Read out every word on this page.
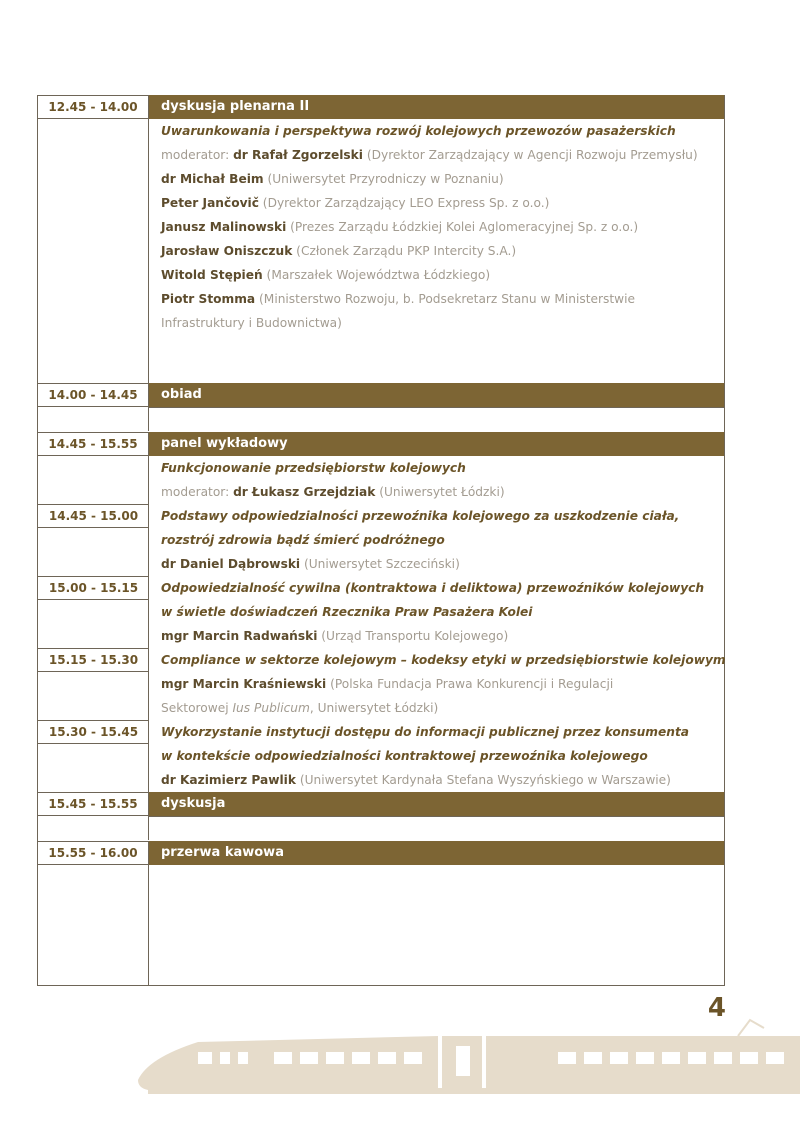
12.45 - 14.00	dyskusja plenarna II
Uwarunkowania i perspektywa rozwój kolejowych przewozów pasażerskich
moderator: dr Rafał Zgorzelski (Dyrektor Zarządzający w Agencji Rozwoju Przemysłu)
dr Michał Beim (Uniwersytet Przyrodniczy w Poznaniu)
Peter Jančovič (Dyrektor Zarządzający LEO Express Sp. z o.o.)
Janusz Malinowski (Prezes Zarządu Łódzkiej Kolei Aglomeracyjnej Sp. z o.o.)
Jarosław Oniszczuk (Członek Zarządu PKP Intercity S.A.)
Witold Stępień (Marszałek Województwa Łódzkiego)
Piotr Stomma (Ministerstwo Rozwoju, b. Podsekretarz Stanu w Ministerstwie
Infrastruktury i Budownictwa)
14.00 - 14.45	obiad
14.45 - 15.55	panel wykładowy
Funkcjonowanie przedsiębiorstw kolejowych
moderator: dr Łukasz Grzejdziak (Uniwersytet Łódzki)
14.45 - 15.00	Podstawy odpowiedzialności przewoźnika kolejowego za uszkodzenie ciała,
rozstrój zdrowia bądź śmierć podróżnego
dr Daniel Dąbrowski (Uniwersytet Szczeciński)
15.00 - 15.15	Odpowiedzialność cywilna (kontraktowa i deliktowa) przewoźników kolejowych
w świetle doświadczeń Rzecznika Praw Pasażera Kolei
mgr Marcin Radwański (Urząd Transportu Kolejowego)
15.15 - 15.30	Compliance w sektorze kolejowym – kodeksy etyki w przedsiębiorstwie kolejowym
mgr Marcin Kraśniewski (Polska Fundacja Prawa Konkurencji i Regulacji
Sektorowej Ius Publicum, Uniwersytet Łódzki)
15.30 - 15.45	Wykorzystanie instytucji dostępu do informacji publicznej przez konsumenta
w kontekście odpowiedzialności kontraktowej przewoźnika kolejowego
dr Kazimierz Pawlik (Uniwersytet Kardynała Stefana Wyszyńskiego w Warszawie)
15.45 - 15.55	dyskusja
15.55 - 16.00	przerwa kawowa
4
